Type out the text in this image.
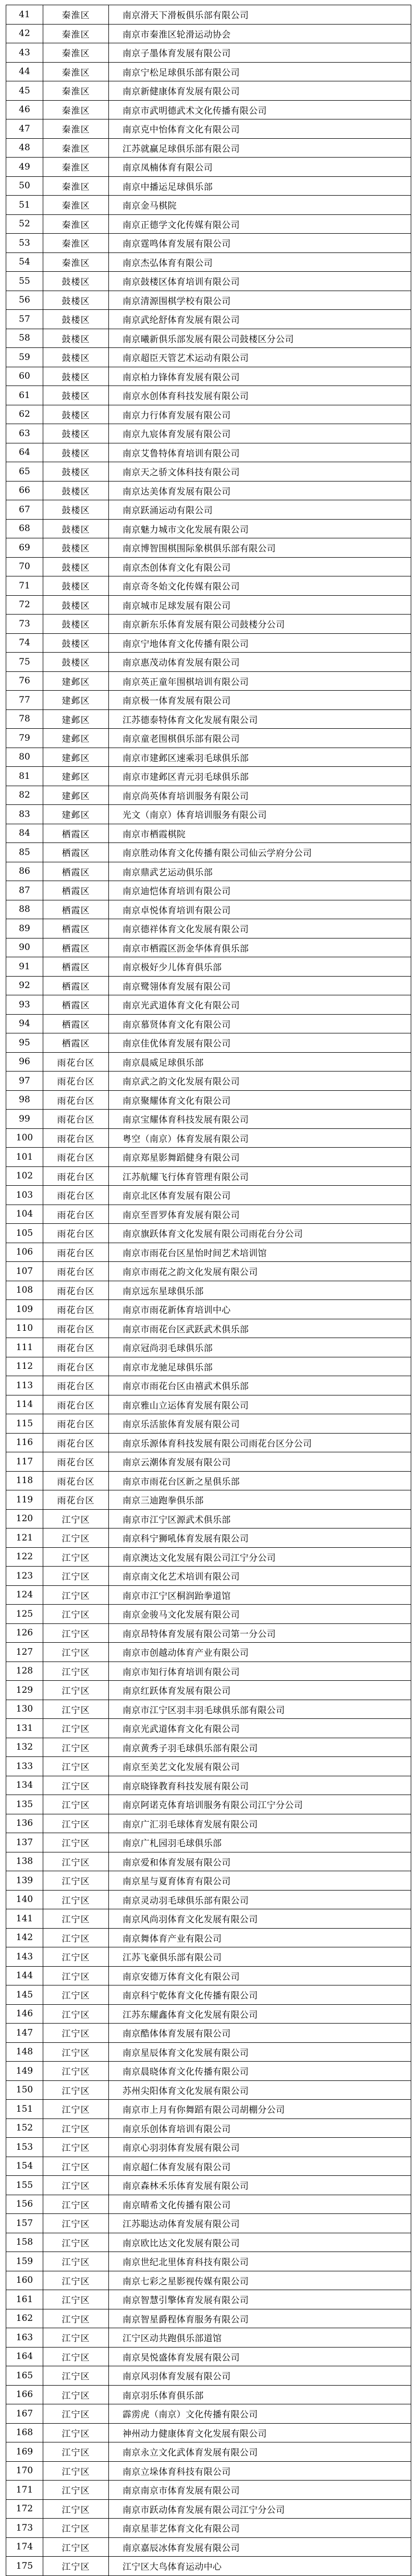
41	秦淮区	南京滑天下滑板俱乐部有限公司
42	秦淮区	南京市秦淮区轮滑运动协会
43	秦淮区	南京子墨体育发展有限公司
44	秦淮区	南京宁松足球俱乐部有限公司
45	秦淮区	南京新健康体育发展有限公司
46	秦淮区	南京市武明德武术文化传播有限公司
47	秦淮区	南京克中怡体育文化有限公司
48	秦淮区	江苏就赢足球俱乐部有限公司
49	秦淮区	南京凤楠体育有限公司
50	秦淮区	南京中播运足球俱乐部
51	秦淮区	南京金马棋院
52	秦淮区	南京正德学文化传媒有限公司
53	秦淮区	南京霆鸣体育发展有限公司
54	秦淮区	南京杰弘体育有限公司
55	鼓楼区	南京鼓楼区体育培训有限公司
56	鼓楼区	南京清源围棋学校有限公司
57	鼓楼区	南京武纶舒体育发展有限公司
58	鼓楼区	南京曦新俱乐部发展有限公司鼓楼区分公司
59	鼓楼区	南京超臣天管艺术运动有限公司
60	鼓楼区	南京柏力锋体育发展有限公司
61	鼓楼区	南京水创体育科技发展有限公司
62	鼓楼区	南京力行体育发展有限公司
63	鼓楼区	南京九宸体育发展有限公司
64	鼓楼区	南京艾鲁特体育培训有限公司
65	鼓楼区	南京天之骄文体科技有限公司
66	鼓楼区	南京达美体育发展有限公司
67	鼓楼区	南京跃涌运动有限公司
68	鼓楼区	南京魅力城市文化发展有限公司
69	鼓楼区	南京博智围棋围际象棋俱乐部有限公司
70	鼓楼区	南京杰创体育文化有限公司
71	鼓楼区	南京奇冬始文化传媒有限公司
72	鼓楼区	南京城市足球发展有限公司
73	鼓楼区	南京新东乐体育发展有限公司鼓楼分公司
74	鼓楼区	南京宁地体育文化传播有限公司
75	鼓楼区	南京惠茂动体育发展有限公司
76	建邺区	南京英正童年围棋培训有限公司
77	建邺区	南京极一体育发展有限公司
78	建邺区	江苏德泰特体育文化发展有限公司
79	建邺区	南京童老围棋俱乐部有限公司
80	建邺区	南京市建邺区速乘羽毛球俱乐部
81	建邺区	南京市建邺区青元羽毛球俱乐部
82	建邺区	南京尚英体育培训服务有限公司
83	建邺区	光文（南京）体育培训服务有限公司
84	栖霞区	南京市栖霞棋院
85	栖霞区	南京胜动体育文化传播有限公司仙云学府分公司
86	栖霞区	南京鼎武艺运动俱乐部
87	栖霞区	南京迪恺体育培训有限公司
88	栖霞区	南京卓悦体育培训有限公司
89	栖霞区	南京德祥体育文化发展有限公司
90	栖霞区	南京市栖霞区沥金华体育俱乐部
91	栖霞区	南京极好少儿体育俱乐部
92	栖霞区	南京鹭翎体育发展有限公司
93	栖霞区	南京光武道体育文化有限公司
94	栖霞区	南京慕贤体育文化有限公司
95	栖霞区	南京佳优体育发展有限公司
96	雨花台区	南京晨威足球俱乐部
97	雨花台区	南京武之韵文化发展有限公司
98	雨花台区	南京聚耀体育文化有限公司
99	雨花台区	南京宝耀体育科技发展有限公司
100	雨花台区	粤空（南京）体育发展有限公司
101	雨花台区	南京郑星影舞蹈健身有限公司
102	雨花台区	江苏航耀飞行体育管理有限公司
103	雨花台区	南京北区体育发展有限公司
104	雨花台区	南京至晋罗体育发展有限公司
105	雨花台区	南京旗跃体育文化发展有限公司雨花台分公司
106	雨花台区	南京市雨花台区星怡时间艺术培训馆
107	雨花台区	南京市雨花之韵文化发展有限公司
108	雨花台区	南京远东星球俱乐部
109	雨花台区	南京市雨花新体育培训中心
110	雨花台区	南京市雨花台区武跃武术俱乐部
111	雨花台区	南京冠尚羽毛球俱乐部
112	雨花台区	南京市龙驰足球俱乐部
113	雨花台区	南京市雨花台区由禧武术俱乐部
114	雨花台区	南京雅山立运体育发展有限公司
115	雨花台区	南京乐活旅体育发展有限公司
116	雨花台区	南京乐源体育科技发展有限公司雨花台区分公司
117	雨花台区	南京云潮体育发展有限公司
118	雨花台区	南京市雨花台区新之星俱乐部
119	雨花台区	南京三迪跑拳俱乐部
120	江宁区	南京市江宁区源武术俱乐部
121	江宁区	南京科宁狮吼体育发展有限公司
122	江宁区	南京澳达文化发展有限公司江宁分公司
123	江宁区	南京南文化艺术培训有限公司
124	江宁区	南京市江宁区桐润跆拳道馆
125	江宁区	南京金骏马文化发展有限公司
126	江宁区	南京昂特体育发展有限公司第一分公司
127	江宁区	南京市创越动体育产业有限公司
128	江宁区	南京市知行体育培训有限公司
129	江宁区	南京红跃体育发展有限公司
130	江宁区	南京市江宁区羽丰羽毛球俱乐部有限公司
131	江宁区	南京光武道体育文化有限公司
132	江宁区	南京黄秀子羽毛球俱乐部有限公司
133	江宁区	南京至美艺文化发展有限公司
134	江宁区	南京晓锋教育科技发展有限公司
135	江宁区	南京阿诺克体育培训服务有限公司江宁分公司
136	江宁区	南京广汇羽毛球体育发展有限公司
137	江宁区	南京广札园羽毛球俱乐部
138	江宁区	南京爱和体育发展有限公司
139	江宁区	南京星与夏育体育有限公司
140	江宁区	南京灵动羽毛球俱乐部有限公司
141	江宁区	南京风尚羽体育文化发展有限公司
142	江宁区	南京舞体育产业有限公司
143	江宁区	江苏飞豪俱乐部有限公司
144	江宁区	南京安德万体育文化有限公司
145	江宁区	南京科宁乾体育文化传播有限公司
146	江宁区	江苏东耀鑫体育文化发展有限公司
147	江宁区	南京酷体体育发展有限公司
148	江宁区	南京星辰体育文化发展有限公司
149	江宁区	南京晨晓体育文化传播有限公司
150	江宁区	苏州尖阳体育文化发展有限公司
151	江宁区	南京市上月有你舞蹈有限公司胡棚分公司
152	江宁区	南京乐创体育培训有限公司
153	江宁区	南京心羽羽体育发展有限公司
154	江宁区	南京超仁体育发展有限公司
155	江宁区	南京森林禾乐体育发展有限公司
156	江宁区	南京晴希文化传播有限公司
157	江宁区	江苏聪达动体育发展有限公司
158	江宁区	南京欧比达文化发展有限公司
159	江宁区	南京世纪北里体育科技有限公司
160	江宁区	南京七彩之星影视传媒有限公司
161	江宁区	南京智慧引擎体育发展有限公司
162	江宁区	南京智星爵程体育服务有限公司
163	江宁区	江宁区动共跑俱乐部道馆
164	江宁区	南京昊悦盛体育发展有限公司
165	江宁区	南京风羽体育发展有限公司
166	江宁区	南京羽乐体育俱乐部
167	江宁区	霹雳虎（南京）文化传播有限公司
168	江宁区	神州动力健康体育文化发展有限公司
169	江宁区	南京永立文化武体育发展有限公司
170	江宁区	南京立垛体育科技有限公司
171	江宁区	南京南京市体育发展有限公司
172	江宁区	南京市跃动体育发展有限公司江宁分公司
173	江宁区	南京星菲艺体育文化有限公司
174	江宁区	南京嘉辰冰体育发展有限公司
175	江宁区	江宁区大鸟体育运动中心
